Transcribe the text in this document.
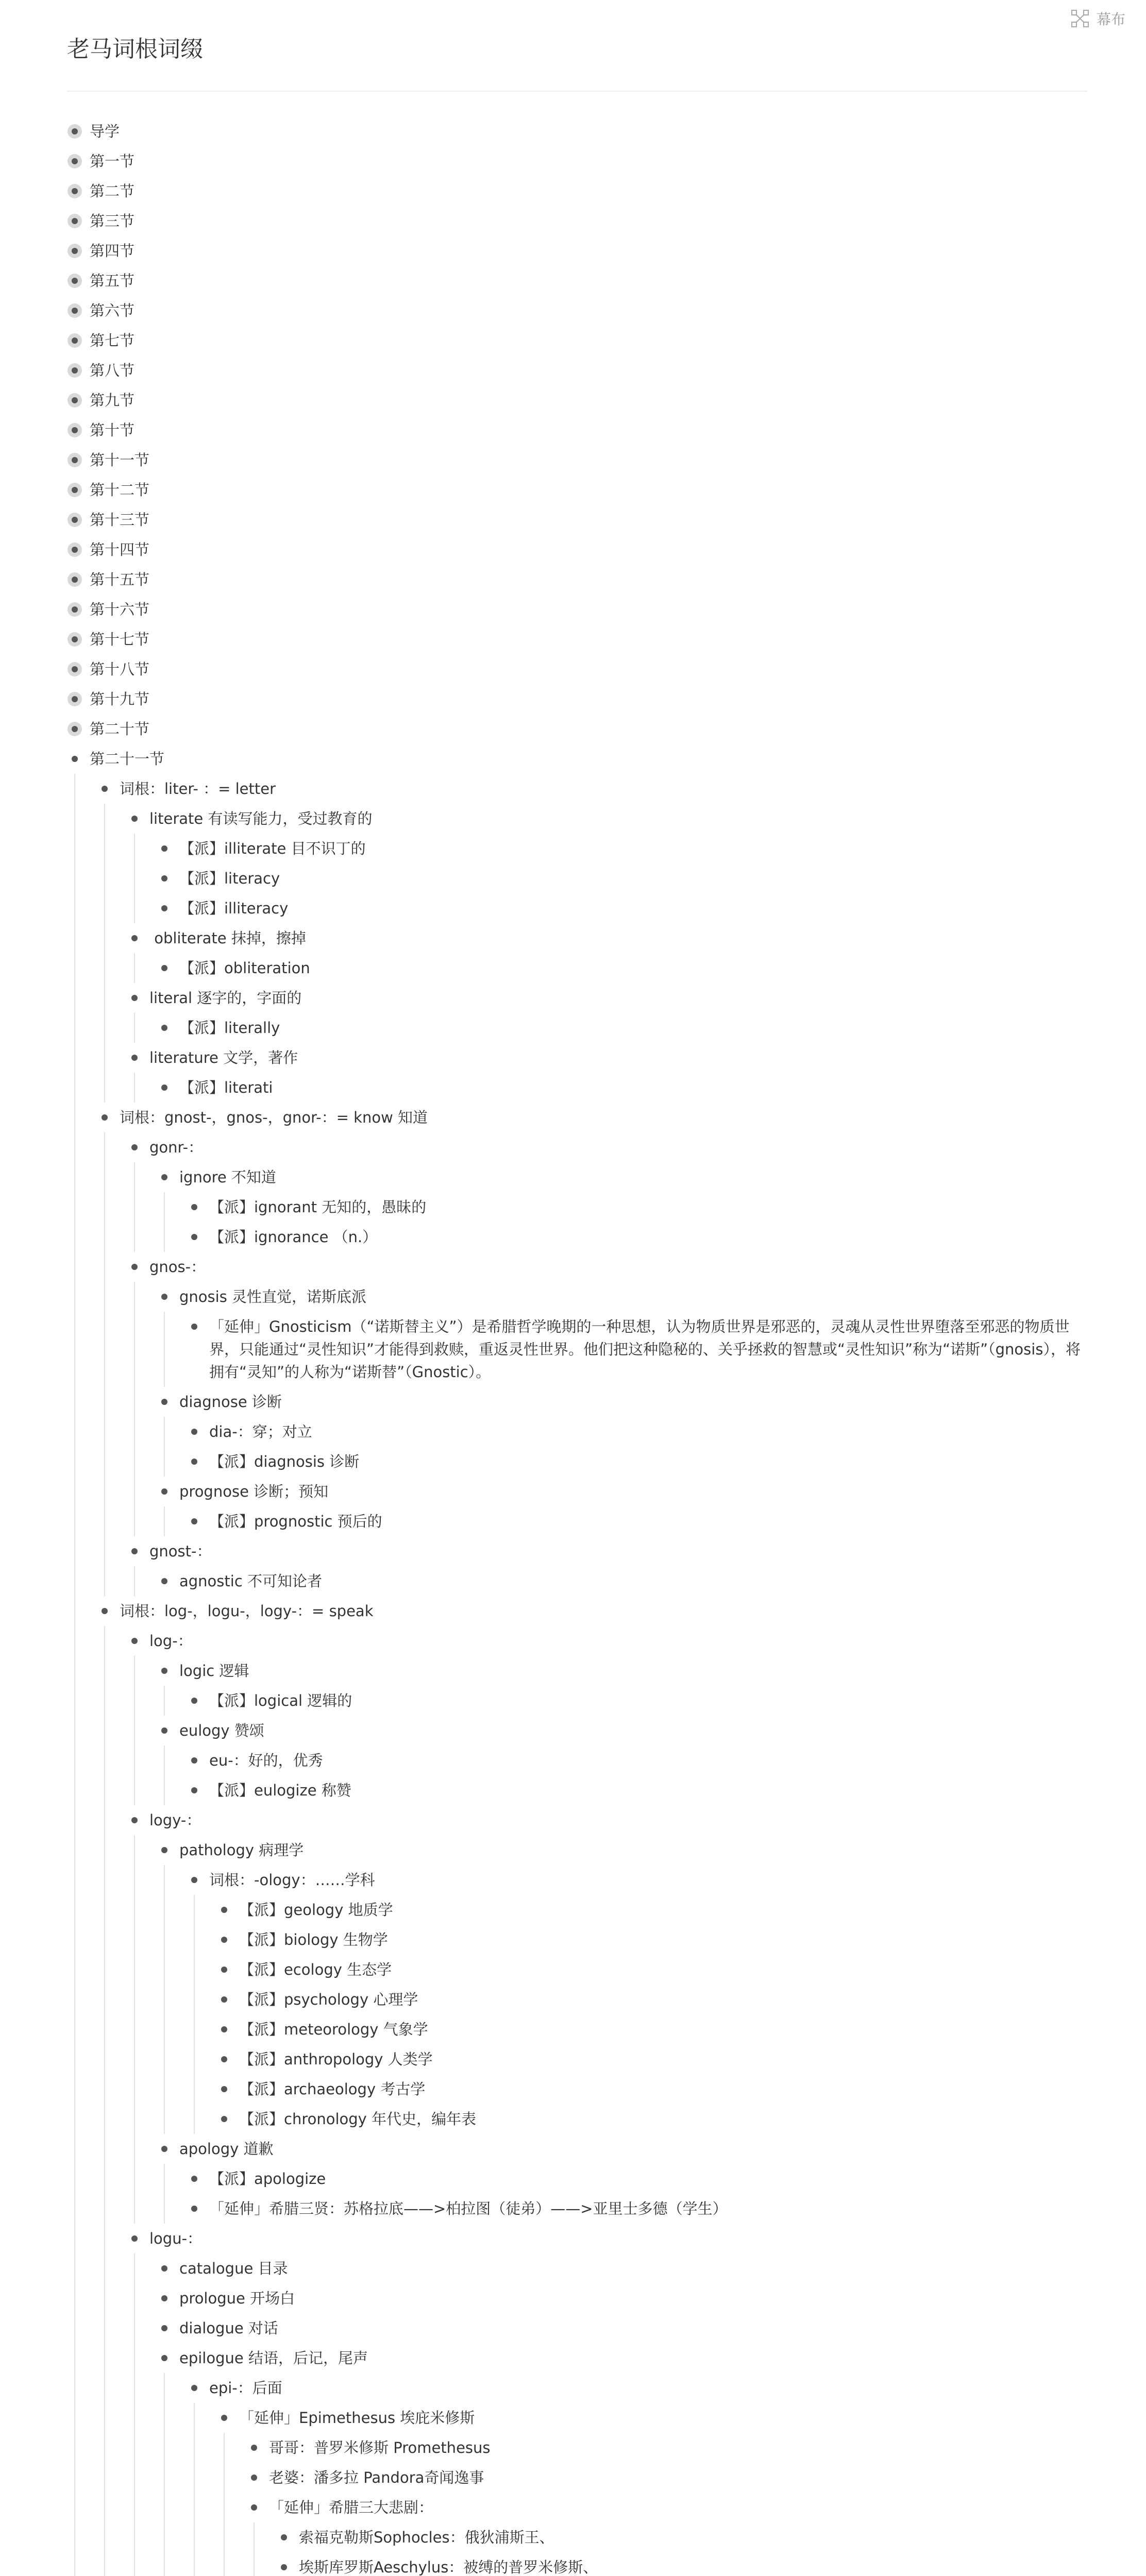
幕布
老马词根词缀
导学
第一节
第二节
第三节
第四节
第五节
第六节
第七节
第八节
第九节
第十节
第十一节
第十二节
第十三节
第十四节
第十五节
第十六节
第十七节
第十八节
第十九节
第二十节
第二十一节
词根：liter- ：= letter
literate 有读写能力，受过教育的
【派】illiterate 目不识丁的
【派】literacy
【派】illiteracy
obliterate 抹掉，擦掉
【派】obliteration
literal 逐字的，字面的
【派】literally
literature 文学，著作
【派】literati
词根：gnost-，gnos-，gnor-：= know 知道
gonr-：
ignore 不知道
【派】ignorant 无知的，愚昧的
【派】ignorance （n.）
gnos-：
gnosis 灵性直觉，诺斯底派
「延伸」Gnosticism（“诺斯替主义”）是希腊哲学晚期的一种思想，认为物质世界是邪恶的，灵魂从灵性世界堕落至邪恶的物质世界，只能通过“灵性知识”才能得到救赎，重返灵性世界。他们把这种隐秘的、关乎拯救的智慧或“灵性知识”称为“诺斯”（gnosis），将拥有“灵知”的人称为“诺斯替”（Gnostic）。
diagnose 诊断
dia-：穿；对立
【派】diagnosis 诊断
prognose 诊断；预知
【派】prognostic 预后的
gnost-：
agnostic 不可知论者
词根：log-，logu-，logy-：= speak
log-：
logic 逻辑
【派】logical 逻辑的
eulogy 赞颂
eu-：好的，优秀
【派】eulogize 称赞
logy-：
pathology 病理学
词根：-ology：……学科
【派】geology 地质学
【派】biology 生物学
【派】ecology 生态学
【派】psychology 心理学
【派】meteorology 气象学
【派】anthropology 人类学
【派】archaeology 考古学
【派】chronology 年代史，编年表
apology 道歉
【派】apologize
「延伸」希腊三贤：苏格拉底——>柏拉图（徒弟）——>亚里士多德（学生）
logu-：
catalogue 目录
prologue 开场白
dialogue 对话
epilogue 结语，后记，尾声
epi-：后面
「延伸」Epimethesus 埃庇米修斯
哥哥：普罗米修斯 Promethesus
老婆：潘多拉 Pandora奇闻逸事
「延伸」希腊三大悲剧：
索福克勒斯Sophocles：俄狄浦斯王、
埃斯库罗斯Aeschylus：被缚的普罗米修斯、
